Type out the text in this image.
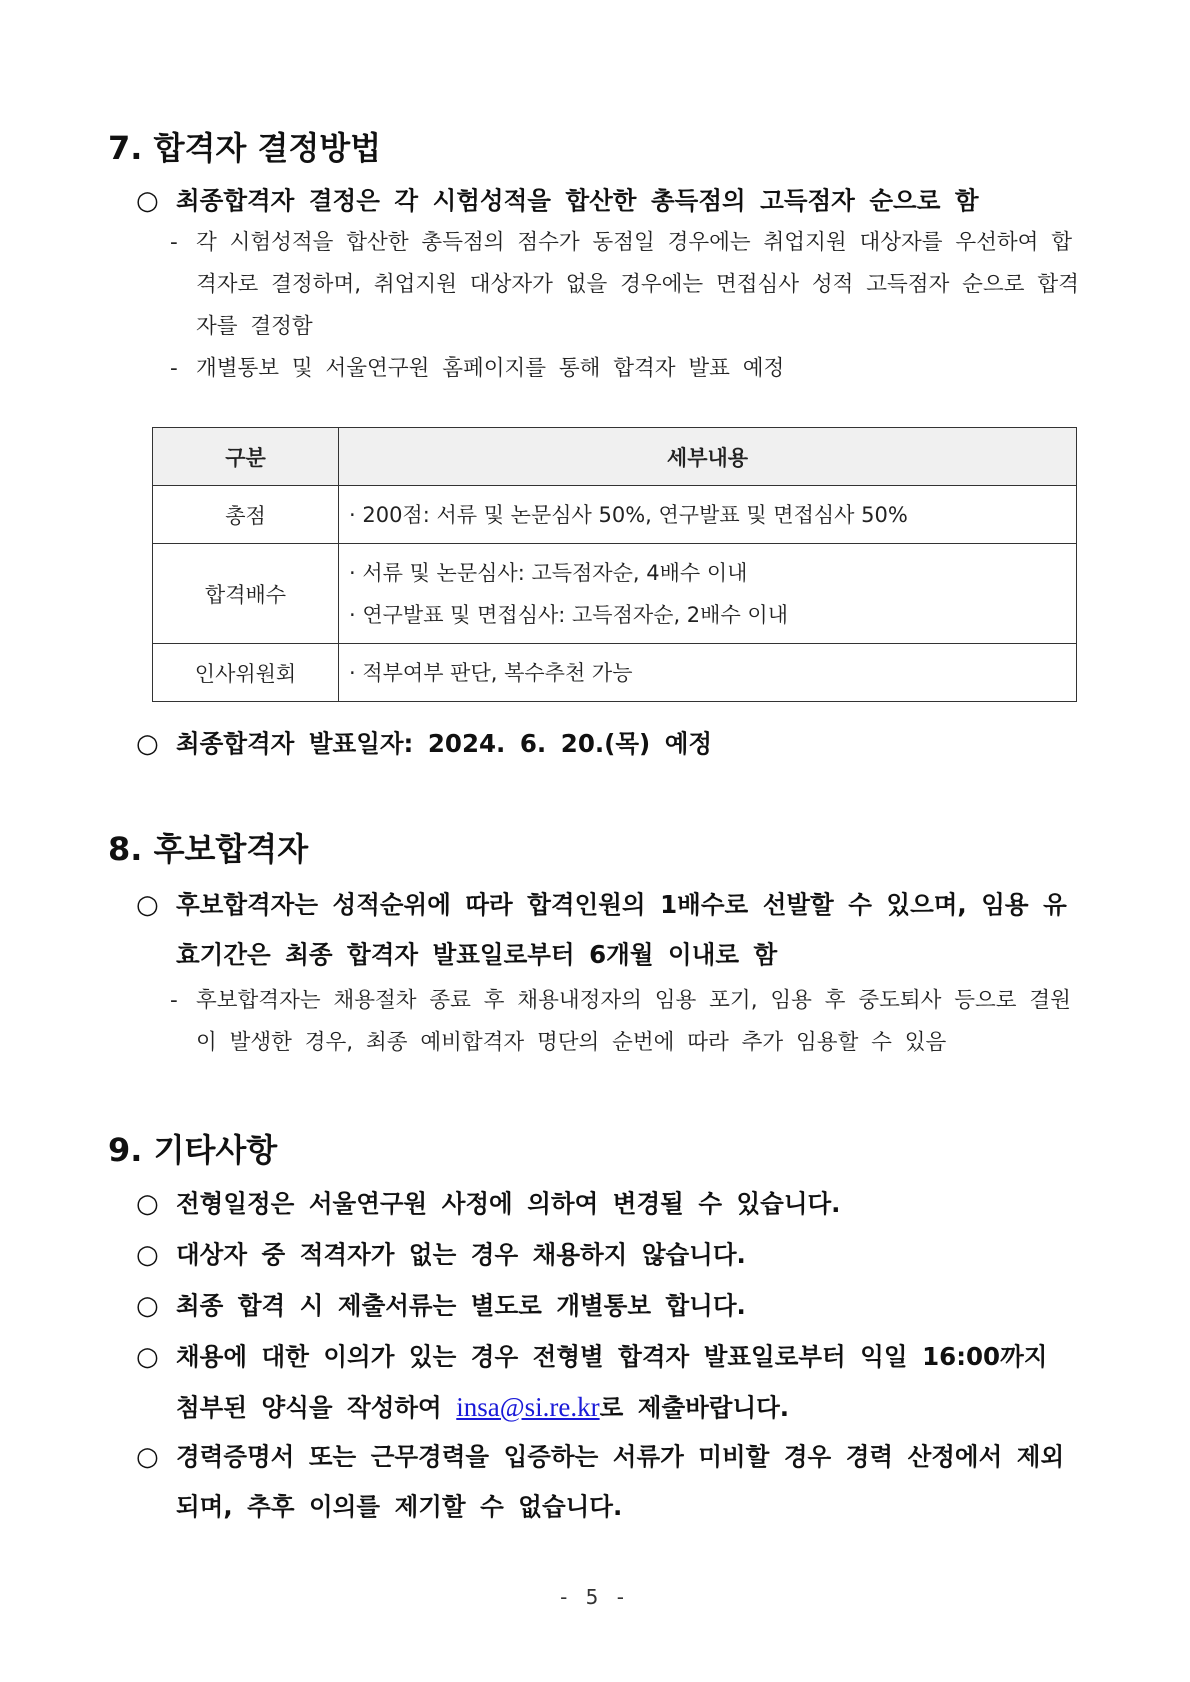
7. 합격자 결정방법

○ 최종합격자 결정은 각 시험성적을 합산한 총득점의 고득점자 순으로 함

- 각 시험성적을 합산한 총득점의 점수가 동점일 경우에는 취업지원 대상자를 우선하여 합격자로 결정하며, 취업지원 대상자가 없을 경우에는 면접심사 성적 고득점자 순으로 합격자를 결정함

- 개별통보 및 서울연구원 홈페이지를 통해 합격자 발표 예정

구분	세부내용
총점	· 200점: 서류 및 논문심사 50%, 연구발표 및 면접심사 50%

합격배수	· 서류 및 논문심사: 고득점자순, 4배수 이내
· 연구발표 및 면접심사: 고득점자순, 2배수 이내

인사위원회	· 적부여부 판단, 복수추천 가능

○ 최종합격자 발표일자: 2024. 6. 20.(목) 예정

8. 후보합격자

○ 후보합격자는 성적순위에 따라 합격인원의 1배수로 선발할 수 있으며, 임용 유효기간은 최종 합격자 발표일로부터 6개월 이내로 함

- 후보합격자는 채용절차 종료 후 채용내정자의 임용 포기, 임용 후 중도퇴사 등으로 결원이 발생한 경우, 최종 예비합격자 명단의 순번에 따라 추가 임용할 수 있음

9. 기타사항

○ 전형일정은 서울연구원 사정에 의하여 변경될 수 있습니다.

○ 대상자 중 적격자가 없는 경우 채용하지 않습니다.

○ 최종 합격 시 제출서류는 별도로 개별통보 합니다.

○ 채용에 대한 이의가 있는 경우 전형별 합격자 발표일로부터 익일 16:00까지 첨부된 양식을 작성하여 insa@si.re.kr로 제출바랍니다.

○ 경력증명서 또는 근무경력을 입증하는 서류가 미비할 경우 경력 산정에서 제외되며, 추후 이의를 제기할 수 없습니다.

- 5 -
